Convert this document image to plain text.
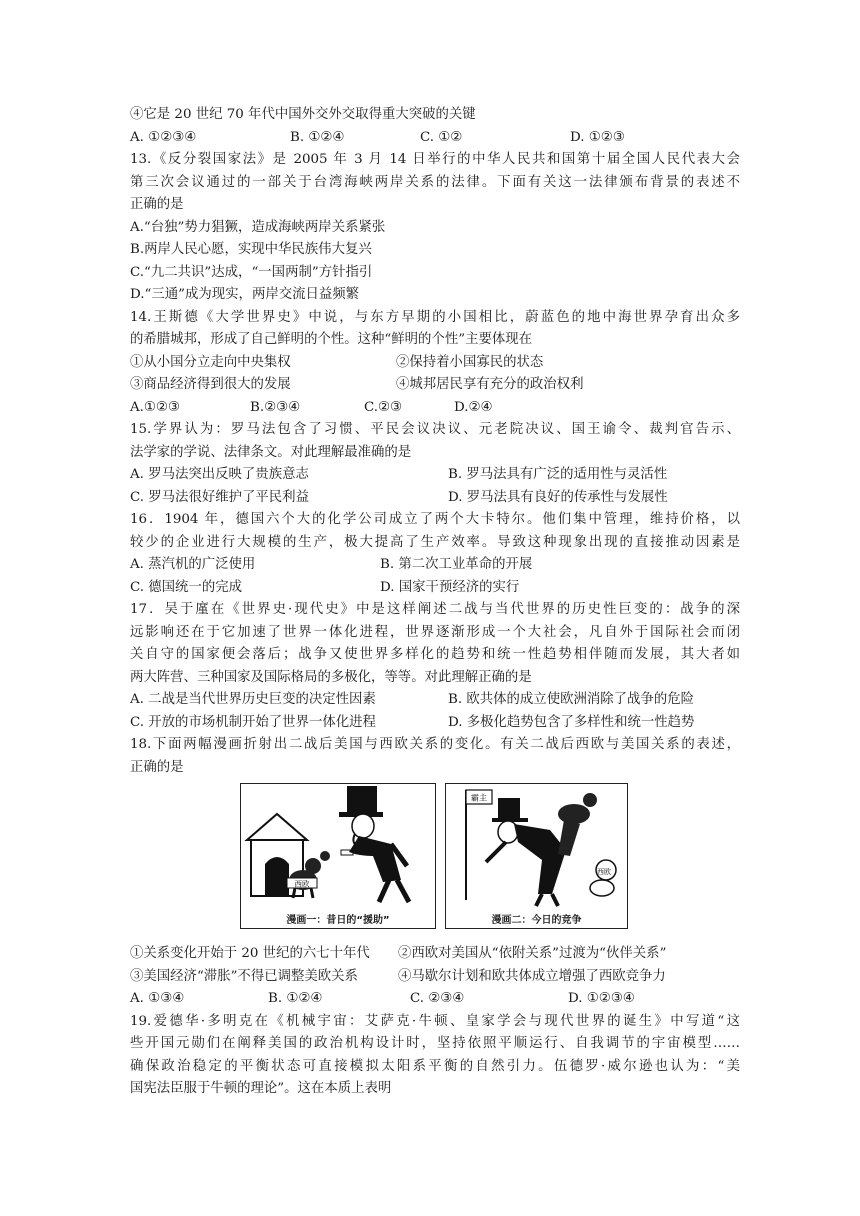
④它是 20 世纪 70 年代中国外交外交取得重大突破的关键
A. ①②③④	B. ①②④	C. ①②	D. ①②③
13.《反分裂国家法》是 2005 年 3 月 14 日举行的中华人民共和国第十届全国人民代表大会
第三次会议通过的一部关于台湾海峡两岸关系的法律。下面有关这一法律颁布背景的表述不
正确的是
A.“台独”势力猖獗，造成海峡两岸关系紧张
B.两岸人民心愿，实现中华民族伟大复兴
C.“九二共识”达成，“一国两制”方针指引
D.“三通”成为现实，两岸交流日益频繁
14.王斯德《大学世界史》中说，与东方早期的小国相比，蔚蓝色的地中海世界孕育出众多
的希腊城邦，形成了自己鲜明的个性。这种“鲜明的个性”主要体现在
①从小国分立走向中央集权	②保持着小国寡民的状态
③商品经济得到很大的发展	④城邦居民享有充分的政治权利
A.①②③	B.②③④	C.②③	D.②④
15.学界认为：罗马法包含了习惯、平民会议决议、元老院决议、国王谕令、裁判官告示、
法学家的学说、法律条文。对此理解最准确的是
A. 罗马法突出反映了贵族意志	B. 罗马法具有广泛的适用性与灵活性
C. 罗马法很好维护了平民利益	D. 罗马法具有良好的传承性与发展性
16．1904 年，德国六个大的化学公司成立了两个大卡特尔。他们集中管理，维持价格，以
较少的企业进行大规模的生产，极大提高了生产效率。导致这种现象出现的直接推动因素是
A. 蒸汽机的广泛使用	B. 第二次工业革命的开展
C. 德国统一的完成	D. 国家干预经济的实行
17．吴于廑在《世界史·现代史》中是这样阐述二战与当代世界的历史性巨变的：战争的深
远影响还在于它加速了世界一体化进程，世界逐渐形成一个大社会，凡自外于国际社会而闭
关自守的国家便会落后；战争又使世界多样化的趋势和统一性趋势相伴随而发展，其大者如
两大阵营、三种国家及国际格局的多极化，等等。对此理解正确的是
A. 二战是当代世界历史巨变的决定性因素	B. 欧共体的成立使欧洲消除了战争的危险
C. 开放的市场机制开始了世界一体化进程	D. 多极化趋势包含了多样性和统一性趋势
18.下面两幅漫画折射出二战后美国与西欧关系的变化。有关二战后西欧与美国关系的表述，
正确的是
西欧
漫画一：昔日的“援助”
霸主
西欧
漫画二：今日的竞争
①关系变化开始于 20 世纪的六七十年代	②西欧对美国从“依附关系”过渡为“伙伴关系”
③美国经济“滞胀”不得已调整美欧关系	④马歇尔计划和欧共体成立增强了西欧竞争力
A. ①③④	B. ①②④	C. ②③④	D. ①②③④
19.爱德华·多明克在《机械宇宙：艾萨克·牛顿、皇家学会与现代世界的诞生》中写道“这
些开国元勋们在阐释美国的政治机构设计时，坚持依照平顺运行、自我调节的宇宙模型……
确保政治稳定的平衡状态可直接模拟太阳系平衡的自然引力。伍德罗·威尔逊也认为：“美
国宪法臣服于牛顿的理论”。这在本质上表明
